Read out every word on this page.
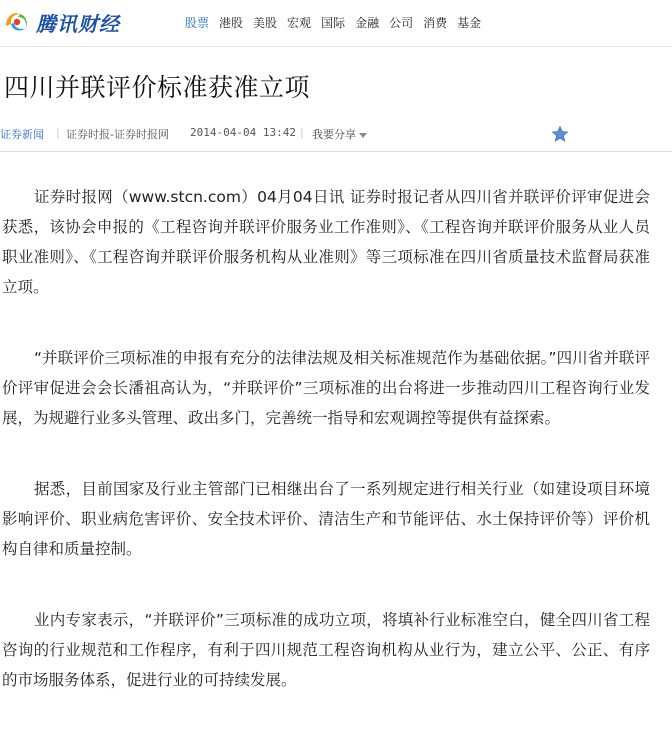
腾讯财经	股票 港股 美股 宏观 国际 金融 公司 消费 基金
四川并联评价标准获准立项
证券新闻 | 证券时报-证券时报网	|
2014-04-04 13:42 我要分享

证券时报网（www.stcn.com）04月04日讯 证券时报记者从四川省并联评价评审促进会获悉，该协会申报的《工程咨询并联评价服务业工作准则》、《工程咨询并联评价服务从业人员职业准则》、《工程咨询并联评价服务机构从业准则》等三项标准在四川省质量技术监督局获准立项。

“并联评价三项标准的申报有充分的法律法规及相关标准规范作为基础依据。”四川省并联评价评审促进会会长潘祖高认为，“并联评价”三项标准的出台将进一步推动四川工程咨询行业发展，为规避行业多头管理、政出多门，完善统一指导和宏观调控等提供有益探索。

据悉，目前国家及行业主管部门已相继出台了一系列规定进行相关行业（如建设项目环境影响评价、职业病危害评价、安全技术评价、清洁生产和节能评估、水土保持评价等）评价机构自律和质量控制。

业内专家表示，“并联评价”三项标准的成功立项，将填补行业标准空白，健全四川省工程咨询的行业规范和工作程序，有利于四川规范工程咨询机构从业行为，建立公平、公正、有序的市场服务体系，促进行业的可持续发展。
